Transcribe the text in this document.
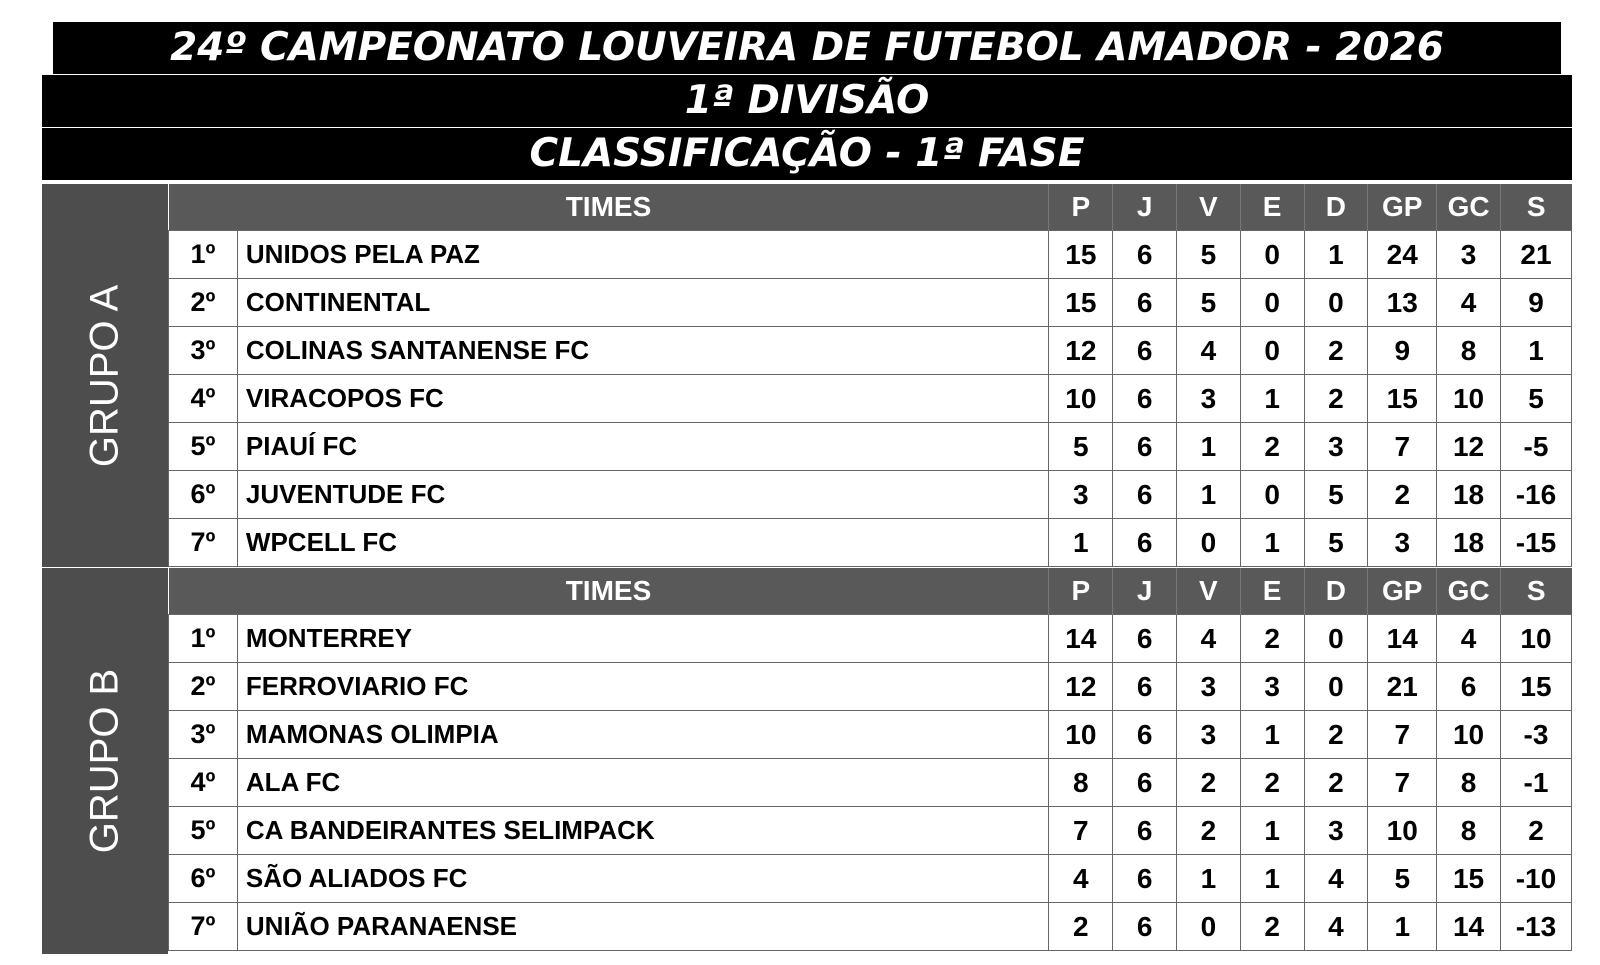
24º CAMPEONATO LOUVEIRA DE FUTEBOL AMADOR - 2026
1ª DIVISÃO
CLASSIFICAÇÃO - 1ª FASE
GRUPO A
GRUPO B
TIMES		P	J	V	E	D	GP	GC	S
1º	UNIDOS PELA PAZ	15	6	5	0	1	24	3	21
2º	CONTINENTAL	15	6	5	0	0	13	4	9
3º	COLINAS SANTANENSE FC	12	6	4	0	2	9	8	1
4º	VIRACOPOS FC	10	6	3	1	2	15	10	5
5º	PIAUÍ FC	5	6	1	2	3	7	12	-5
6º	JUVENTUDE FC	3	6	1	0	5	2	18	-16
7º	WPCELL FC	1	6	0	1	5	3	18	-15
TIMES		P	J	V	E	D	GP	GC	S
1º	MONTERREY	14	6	4	2	0	14	4	10
2º	FERROVIARIO FC	12	6	3	3	0	21	6	15
3º	MAMONAS OLIMPIA	10	6	3	1	2	7	10	-3
4º	ALA FC	8	6	2	2	2	7	8	-1
5º	CA BANDEIRANTES SELIMPACK	7	6	2	1	3	10	8	2
6º	SÃO ALIADOS FC	4	6	1	1	4	5	15	-10
7º	UNIÃO PARANAENSE	2	6	0	2	4	1	14	-13
